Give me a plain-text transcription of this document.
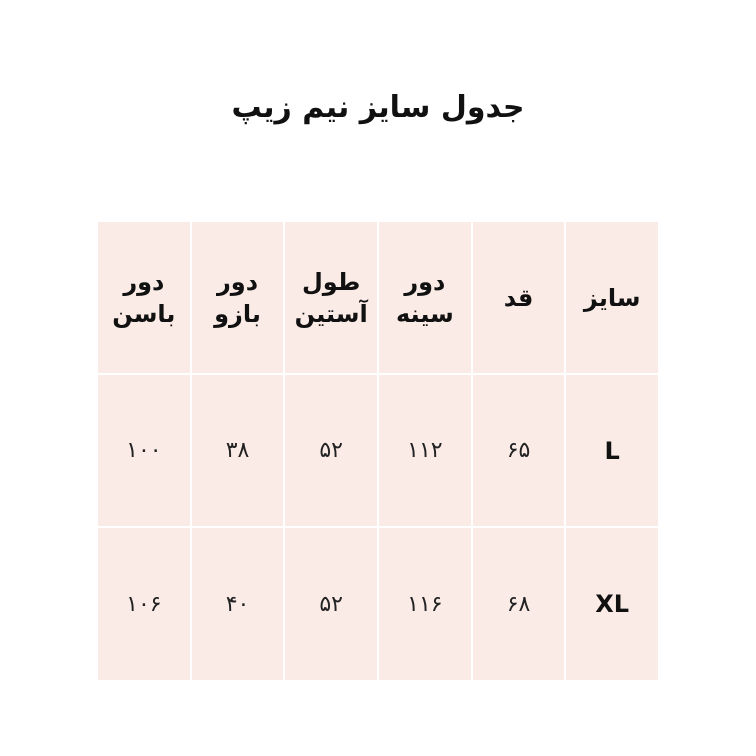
جدول سایز نیم زیپ
سایز
قد
دور سینه
طول آستین
دور بازو
دور باسن
L
۶۵
۱۱۲
۵۲
۳۸
۱۰۰
XL
۶۸
۱۱۶
۵۲
۴۰
۱۰۶
